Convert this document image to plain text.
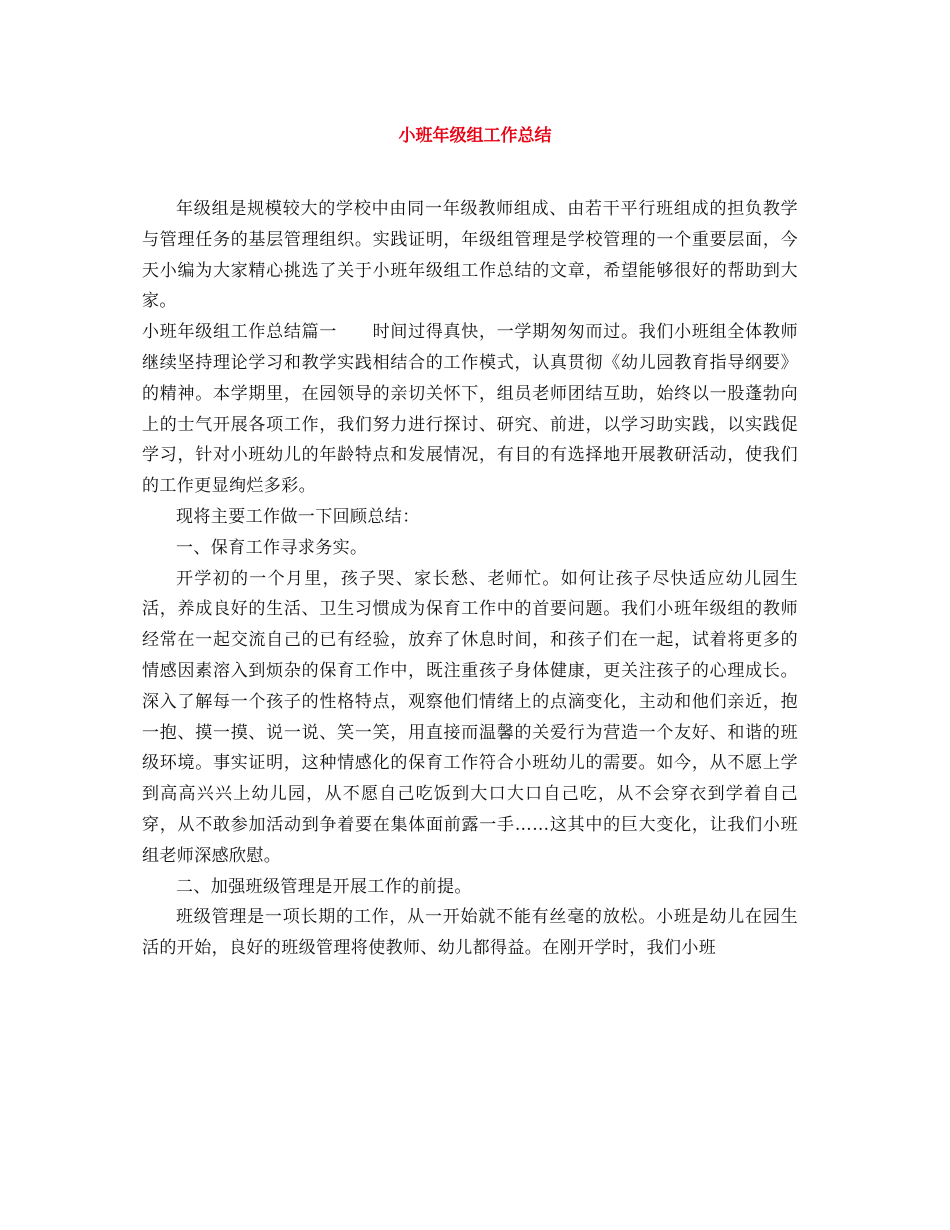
小班年级组工作总结

年级组是规模较大的学校中由同一年级教师组成、由若干平行班组成的担负教学与管理任务的基层管理组织。实践证明，年级组管理是学校管理的一个重要层面，今天小编为大家精心挑选了关于小班年级组工作总结的文章，希望能够很好的帮助到大家。

小班年级组工作总结篇一　　时间过得真快，一学期匆匆而过。我们小班组全体教师继续坚持理论学习和教学实践相结合的工作模式，认真贯彻《幼儿园教育指导纲要》的精神。本学期里，在园领导的亲切关怀下，组员老师团结互助，始终以一股蓬勃向上的士气开展各项工作，我们努力进行探讨、研究、前进，以学习助实践，以实践促学习，针对小班幼儿的年龄特点和发展情况，有目的有选择地开展教研活动，使我们的工作更显绚烂多彩。

现将主要工作做一下回顾总结：

一、保育工作寻求务实。

开学初的一个月里，孩子哭、家长愁、老师忙。如何让孩子尽快适应幼儿园生活，养成良好的生活、卫生习惯成为保育工作中的首要问题。我们小班年级组的教师经常在一起交流自己的已有经验，放弃了休息时间，和孩子们在一起，试着将更多的情感因素溶入到烦杂的保育工作中，既注重孩子身体健康，更关注孩子的心理成长。深入了解每一个孩子的性格特点，观察他们情绪上的点滴变化，主动和他们亲近，抱一抱、摸一摸、说一说、笑一笑，用直接而温馨的关爱行为营造一个友好、和谐的班级环境。事实证明，这种情感化的保育工作符合小班幼儿的需要。如今，从不愿上学到高高兴兴上幼儿园，从不愿自己吃饭到大口大口自己吃，从不会穿衣到学着自己穿，从不敢参加活动到争着要在集体面前露一手……这其中的巨大变化，让我们小班组老师深感欣慰。

二、加强班级管理是开展工作的前提。

班级管理是一项长期的工作，从一开始就不能有丝毫的放松。小班是幼儿在园生活的开始，良好的班级管理将使教师、幼儿都得益。在刚开学时，我们小班
